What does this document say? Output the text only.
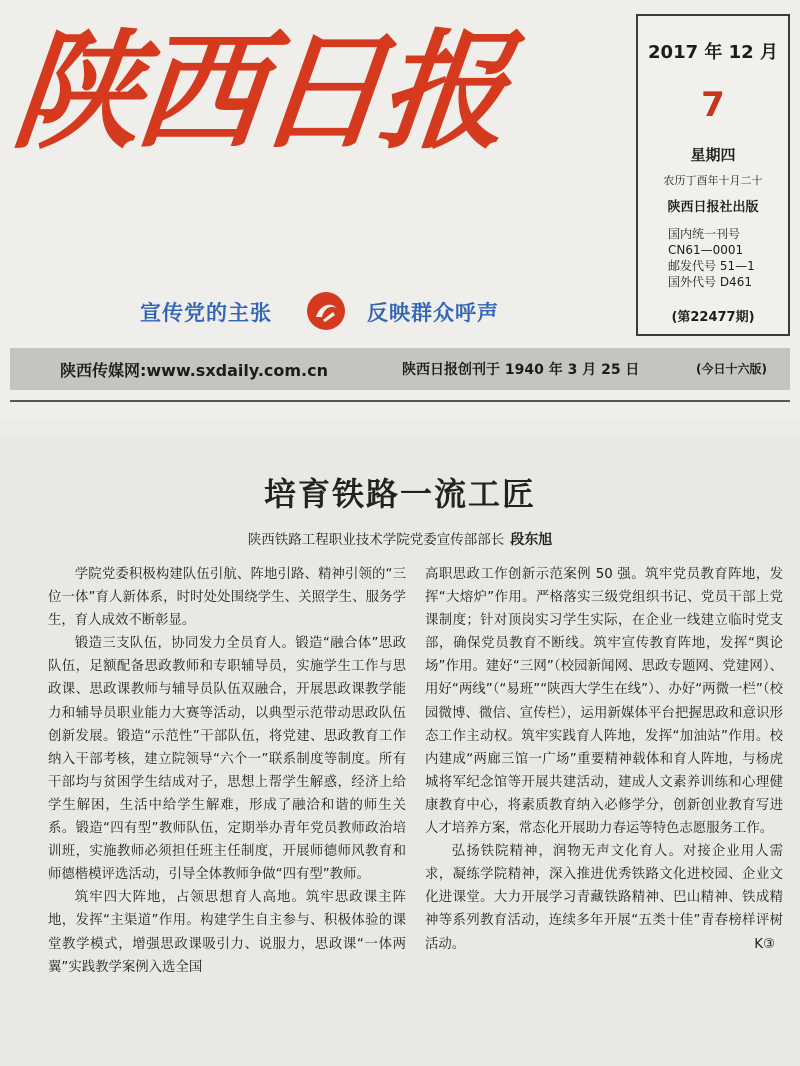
陕西日报
宣传党的主张	反映群众呼声
2017 年 12 月
7
星期四
农历丁酉年十月二十
陕西日报社出版
国内统一刊号
CN61—0001
邮发代号 51—1
国外代号 D461
(第22477期)
陕西传媒网:www.sxdaily.com.cn	陕西日报创刊于 1940 年 3 月 25 日	(今日十六版)
培育铁路一流工匠
陕西铁路工程职业技术学院党委宣传部部长 段东旭

学院党委积极构建队伍引航、阵地引路、精神引领的“三位一体”育人新体系，时时处处围绕学生、关照学生、服务学生，育人成效不断彰显。

锻造三支队伍，协同发力全员育人。锻造“融合体”思政队伍，足额配备思政教师和专职辅导员，实施学生工作与思政课、思政课教师与辅导员队伍双融合，开展思政课教学能力和辅导员职业能力大赛等活动，以典型示范带动思政队伍创新发展。锻造“示范性”干部队伍，将党建、思政教育工作纳入干部考核，建立院领导“六个一”联系制度等制度。所有干部均与贫困学生结成对子，思想上帮学生解惑，经济上给学生解困，生活中给学生解难，形成了融洽和谐的师生关系。锻造“四有型”教师队伍，定期举办青年党员教师政治培训班，实施教师必须担任班主任制度，开展师德师风教育和师德楷模评选活动，引导全体教师争做“四有型”教师。

筑牢四大阵地，占领思想育人高地。筑牢思政课主阵地，发挥“主渠道”作用。构建学生自主参与、积极体验的课堂教学模式，增强思政课吸引力、说服力，思政课“一体两翼”实践教学案例入选全国

高职思政工作创新示范案例 50 强。筑牢党员教育阵地，发挥“大熔炉”作用。严格落实三级党组织书记、党员干部上党课制度；针对顶岗实习学生实际，在企业一线建立临时党支部，确保党员教育不断线。筑牢宣传教育阵地，发挥“舆论场”作用。建好“三网”（校园新闻网、思政专题网、党建网）、用好“两线”（“易班”“陕西大学生在线”）、办好“两微一栏”（校园微博、微信、宣传栏），运用新媒体平台把握思政和意识形态工作主动权。筑牢实践育人阵地，发挥“加油站”作用。校内建成“两廊三馆一广场”重要精神载体和育人阵地，与杨虎城将军纪念馆等开展共建活动，建成人文素养训练和心理健康教育中心，将素质教育纳入必修学分，创新创业教育写进人才培养方案，常态化开展助力春运等特色志愿服务工作。

弘扬铁院精神，润物无声文化育人。对接企业用人需求，凝练学院精神，深入推进优秀铁路文化进校园、企业文化进课堂。大力开展学习青藏铁路精神、巴山精神、铁成精神等系列教育活动，连续多年开展“五类十佳”青春榜样评树活动。	K③
